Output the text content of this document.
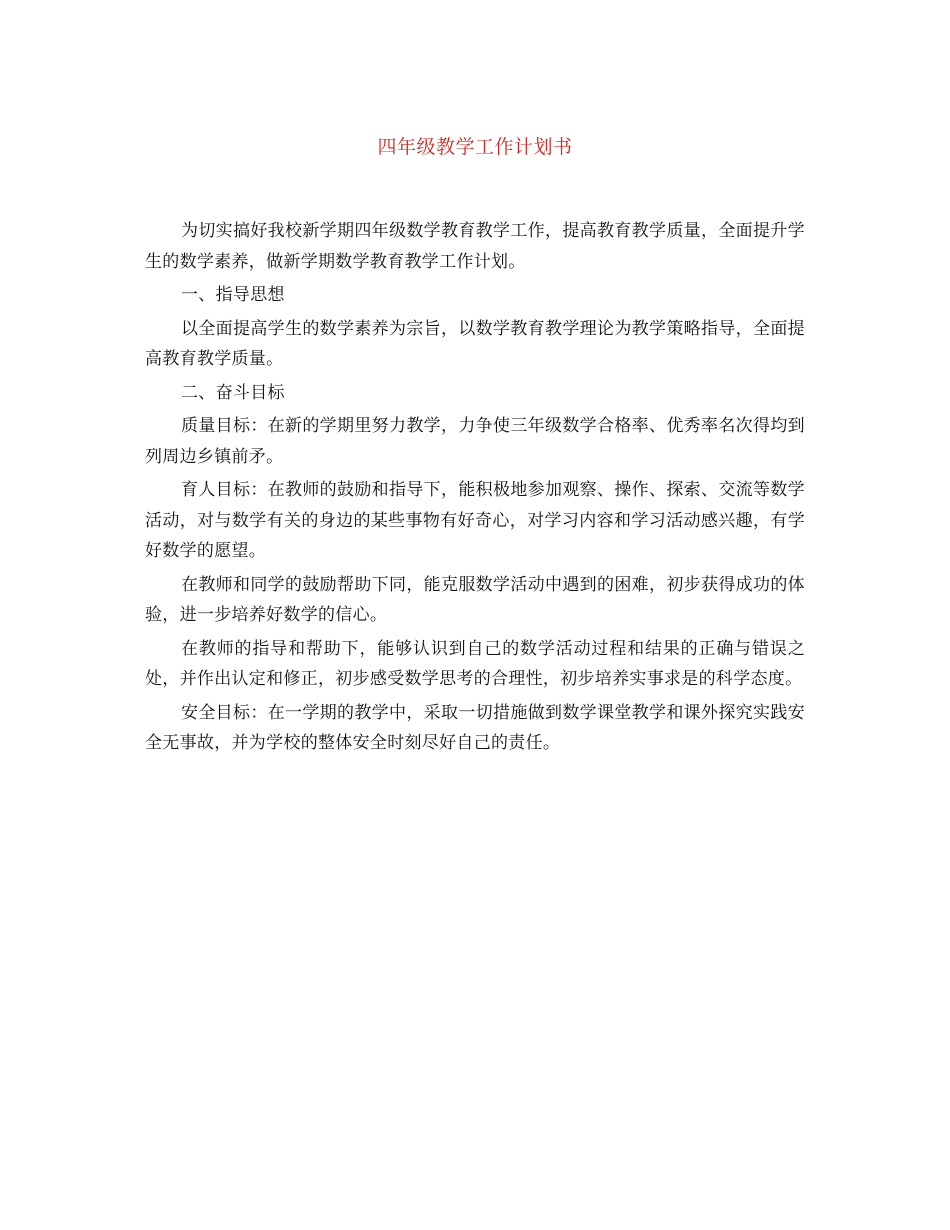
四年级教学工作计划书

为切实搞好我校新学期四年级数学教育教学工作，提高教育教学质量，全面提升学生的数学素养，做新学期数学教育教学工作计划。

一、指导思想

以全面提高学生的数学素养为宗旨，以数学教育教学理论为教学策略指导，全面提高教育教学质量。

二、奋斗目标

质量目标：在新的学期里努力教学，力争使三年级数学合格率、优秀率名次得均到列周边乡镇前矛。

育人目标：在教师的鼓励和指导下，能积极地参加观察、操作、探索、交流等数学活动，对与数学有关的身边的某些事物有好奇心，对学习内容和学习活动感兴趣，有学好数学的愿望。

在教师和同学的鼓励帮助下同，能克服数学活动中遇到的困难，初步获得成功的体验，进一步培养好数学的信心。

在教师的指导和帮助下，能够认识到自己的数学活动过程和结果的正确与错误之处，并作出认定和修正，初步感受数学思考的合理性，初步培养实事求是的科学态度。

安全目标：在一学期的教学中，采取一切措施做到数学课堂教学和课外探究实践安全无事故，并为学校的整体安全时刻尽好自己的责任。
